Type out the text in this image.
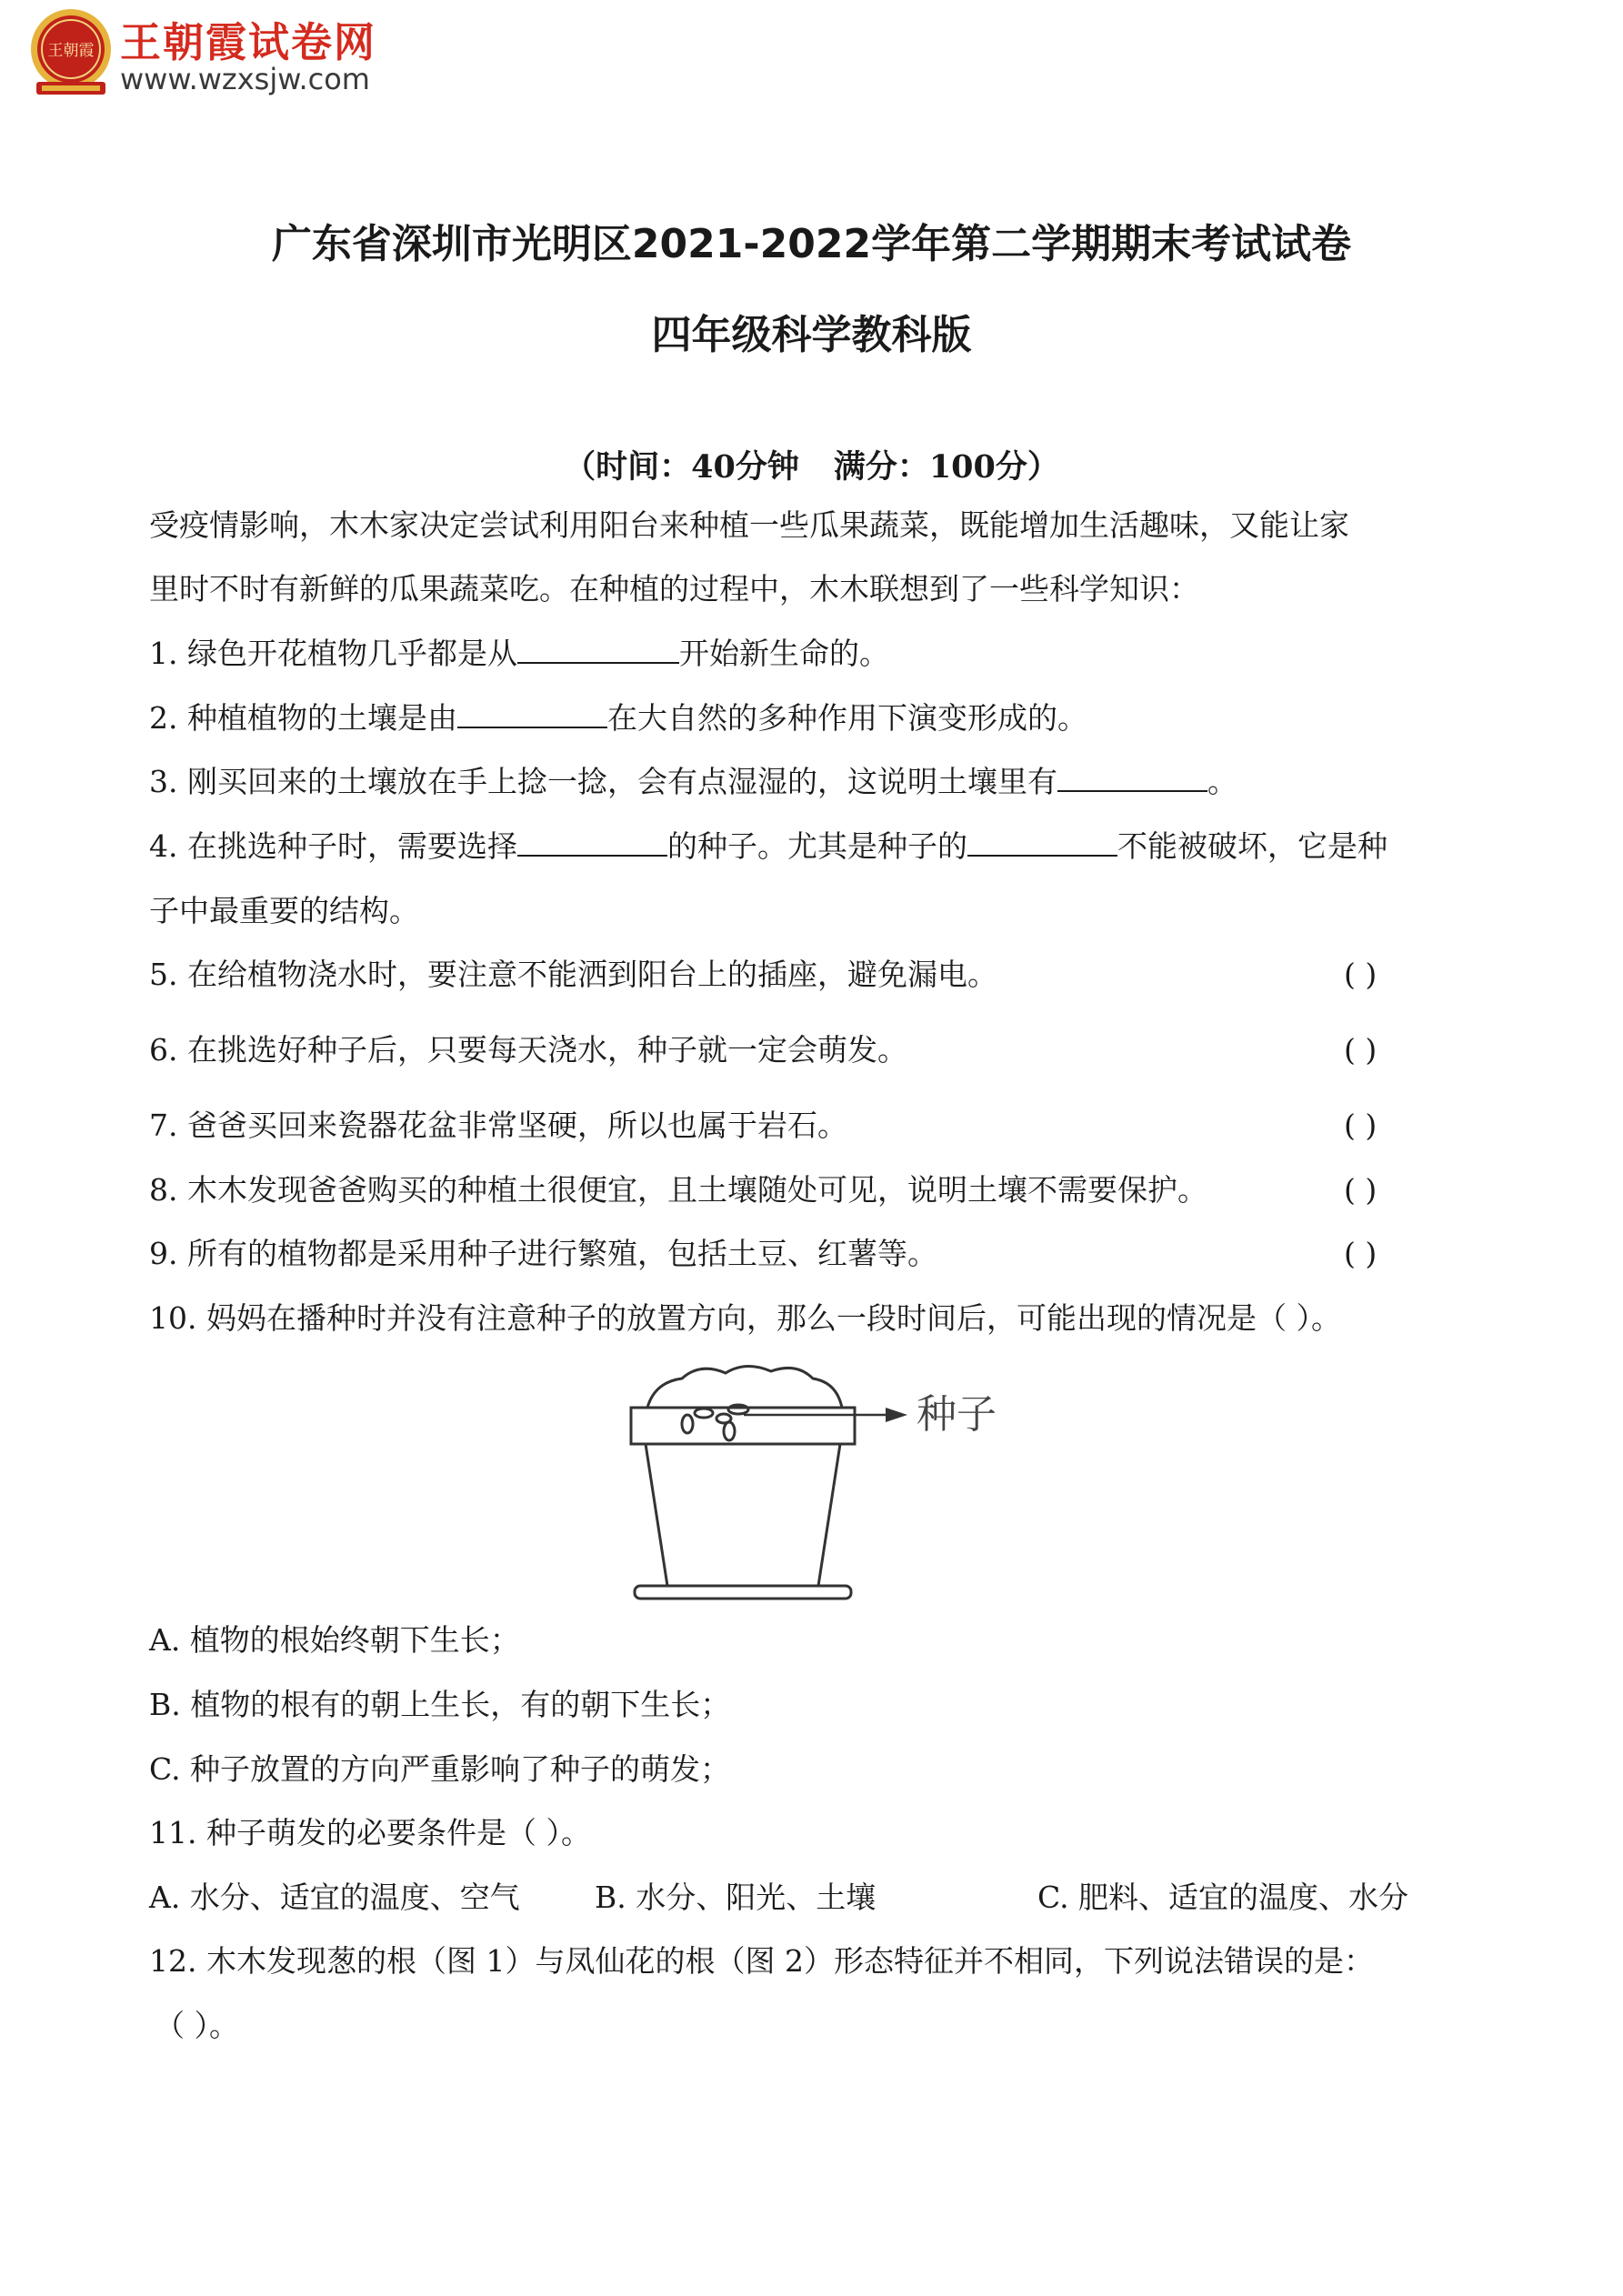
王朝霞 王朝霞试卷网
www.wzxsjw.com
广东省深圳市光明区2021-2022学年第二学期期末考试试卷
四年级科学教科版
（时间：40分钟 满分：100分）
受疫情影响，木木家决定尝试利用阳台来种植一些瓜果蔬菜，既能增加生活趣味，又能让家
里时不时有新鲜的瓜果蔬菜吃。在种植的过程中，木木联想到了一些科学知识：
1. 绿色开花植物几乎都是从	开始新生命的。
2. 种植植物的土壤是由	在大自然的多种作用下演变形成的。
3. 刚买回来的土壤放在手上捻一捻，会有点湿湿的，这说明土壤里有	。
4. 在挑选种子时，需要选择	的种子。尤其是种子的	不能被破坏，它是种
子中最重要的结构。
5. 在给植物浇水时，要注意不能洒到阳台上的插座，避免漏电。	( )
6. 在挑选好种子后，只要每天浇水，种子就一定会萌发。	( )
7. 爸爸买回来瓷器花盆非常坚硬，所以也属于岩石。	( )
8. 木木发现爸爸购买的种植土很便宜，且土壤随处可见，说明土壤不需要保护。	( )
9. 所有的植物都是采用种子进行繁殖，包括土豆、红薯等。	( )
10. 妈妈在播种时并没有注意种子的放置方向，那么一段时间后，可能出现的情况是（ ）。
种子
A. 植物的根始终朝下生长；
B. 植物的根有的朝上生长，有的朝下生长；
C. 种子放置的方向严重影响了种子的萌发；
11. 种子萌发的必要条件是（ ）。
A. 水分、适宜的温度、空气 B. 水分、阳光、土壤	C. 肥料、适宜的温度、水分
12. 木木发现葱的根（图 1）与凤仙花的根（图 2）形态特征并不相同，下列说法错误的是：
（ ）。
